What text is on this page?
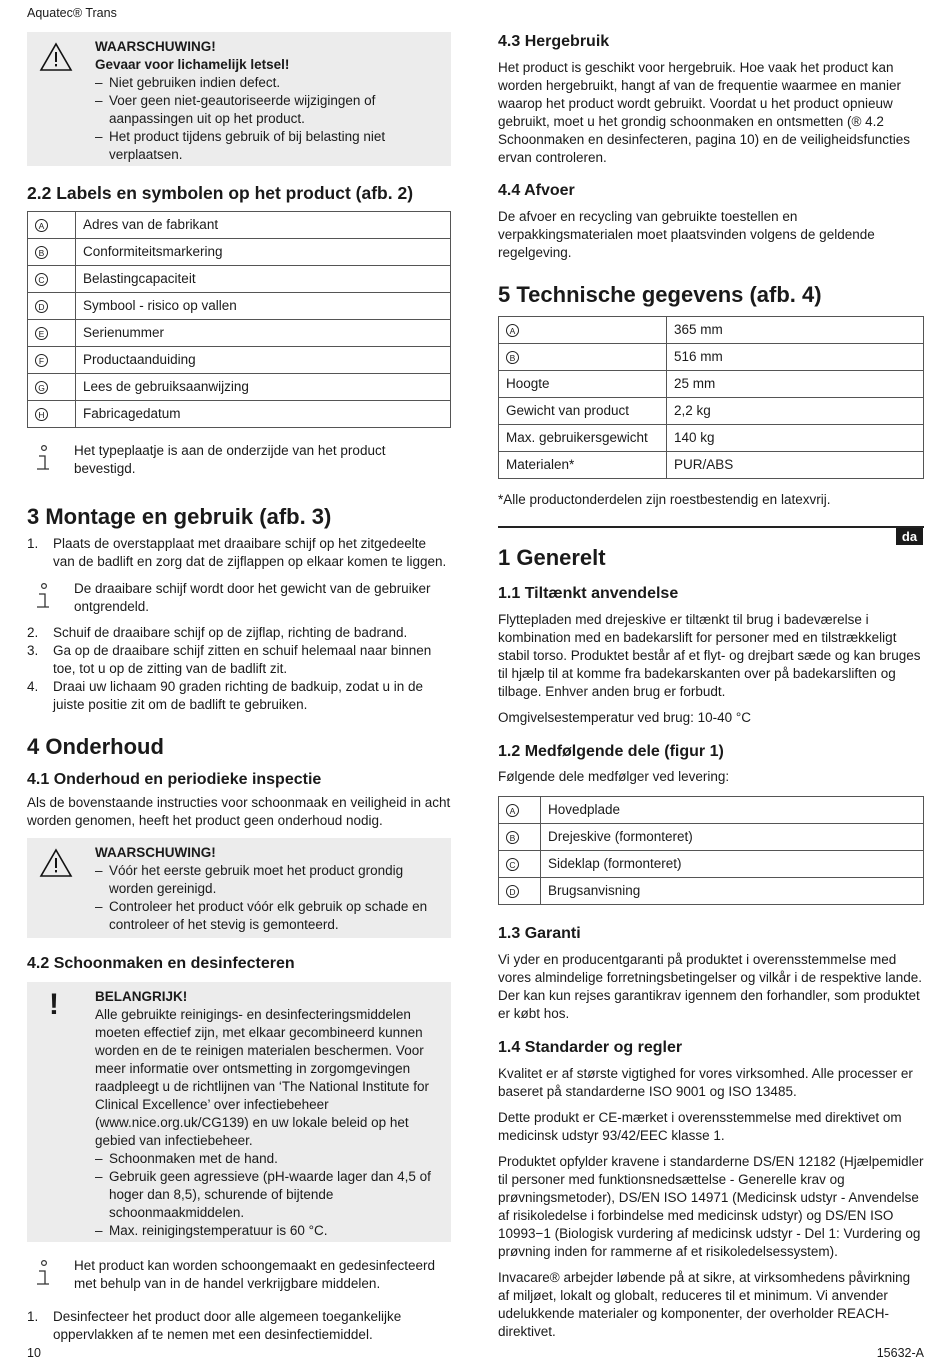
Aquatec® Trans
10	15632-A
WAARSCHUWING!
Gevaar voor lichamelijk letsel!
– Niet gebruiken indien defect.
– Voer geen niet-geautoriseerde wijzigingen of aanpassingen uit op het product.
– Het product tijdens gebruik of bij belasting niet verplaatsen.
2.2 Labels en symbolen op het product (afb. 2)
A	Adres van de fabrikant
B	Conformiteitsmarkering
C	Belastingcapaciteit
D	Symbool - risico op vallen
E	Serienummer
F	Productaanduiding
G	Lees de gebruiksaanwijzing
H	Fabricagedatum
Het typeplaatje is aan de onderzijde van het product bevestigd.
3 Montage en gebruik (afb. 3)
1. Plaats de overstapplaat met draaibare schijf op het zitgedeelte van de badlift en zorg dat de zijflappen op elkaar komen te liggen.
De draaibare schijf wordt door het gewicht van de gebruiker ontgrendeld.
2. Schuif de draaibare schijf op de zijflap, richting de badrand.
3. Ga op de draaibare schijf zitten en schuif helemaal naar binnen toe, tot u op de zitting van de badlift zit.
4. Draai uw lichaam 90 graden richting de badkuip, zodat u in de juiste positie zit om de badlift te gebruiken.
4 Onderhoud
4.1 Onderhoud en periodieke inspectie
Als de bovenstaande instructies voor schoonmaak en veiligheid in acht worden genomen, heeft het product geen onderhoud nodig.
WAARSCHUWING!
– Vóór het eerste gebruik moet het product grondig worden gereinigd.
– Controleer het product vóór elk gebruik op schade en controleer of het stevig is gemonteerd.
4.2 Schoonmaken en desinfecteren
!	BELANGRIJK!
Alle gebruikte reinigings- en desinfecteringsmiddelen moeten effectief zijn, met elkaar gecombineerd kunnen worden en de te reinigen materialen beschermen. Voor meer informatie over ontsmetting in zorgomgevingen raadpleegt u de richtlijnen van ‘The National Institute for Clinical Excellence’ over infectiebeheer (www.nice.org.uk/CG139) en uw lokale beleid op het gebied van infectiebeheer.
– Schoonmaken met de hand.
– Gebruik geen agressieve (pH-waarde lager dan 4,5 of hoger dan 8,5), schurende of bijtende schoonmaakmiddelen.
– Max. reinigingstemperatuur is 60 °C.
Het product kan worden schoongemaakt en gedesinfecteerd met behulp van in de handel verkrijgbare middelen.
1. Desinfecteer het product door alle algemeen toegankelijke oppervlakken af te nemen met een desinfectiemiddel.
4.3 Hergebruik
Het product is geschikt voor hergebruik. Hoe vaak het product kan worden hergebruikt, hangt af van de frequentie waarmee en manier waarop het product wordt gebruikt. Voordat u het product opnieuw gebruikt, moet u het grondig schoonmaken en ontsmetten (® 4.2 Schoonmaken en desinfecteren, pagina 10) en de veiligheidsfuncties ervan controleren.
4.4 Afvoer
De afvoer en recycling van gebruikte toestellen en verpakkingsmaterialen moet plaatsvinden volgens de geldende regelgeving.
5 Technische gegevens (afb. 4)
A	365 mm
B	516 mm
Hoogte	25 mm
Gewicht van product	2,2 kg
Max. gebruikersgewicht	140 kg
Materialen*	PUR/ABS
*Alle productonderdelen zijn roestbestendig en latexvrij.
da
1 Generelt
1.1 Tiltænkt anvendelse
Flyttepladen med drejeskive er tiltænkt til brug i badeværelse i kombination med en badekarslift for personer med en tilstrækkeligt stabil torso. Produktet består af et flyt- og drejbart sæde og kan bruges til hjælp til at komme fra badekarskanten over på badekarsliften og tilbage. Enhver anden brug er forbudt.
Omgivelsestemperatur ved brug: 10-40 °C
1.2 Medfølgende dele (figur 1)
Følgende dele medfølger ved levering:
A	Hovedplade
B	Drejeskive (formonteret)
C	Sideklap (formonteret)
D	Brugsanvisning
1.3 Garanti
Vi yder en producentgaranti på produktet i overensstemmelse med vores almindelige forretningsbetingelser og vilkår i de respektive lande. Der kan kun rejses garantikrav igennem den forhandler, som produktet er købt hos.
1.4 Standarder og regler
Kvalitet er af største vigtighed for vores virksomhed. Alle processer er baseret på standarderne ISO 9001 og ISO 13485.
Dette produkt er CE-mærket i overensstemmelse med direktivet om medicinsk udstyr 93/42/EEC klasse 1.
Produktet opfylder kravene i standarderne DS/EN 12182 (Hjælpemidler til personer med funktionsnedsættelse - Generelle krav og prøvningsmetoder), DS/EN ISO 14971 (Medicinsk udstyr - Anvendelse af risikoledelse i forbindelse med medicinsk udstyr) og DS/EN ISO 10993−1 (Biologisk vurdering af medicinsk udstyr - Del 1: Vurdering og prøvning inden for rammerne af et risikoledelsessystem).
Invacare® arbejder løbende på at sikre, at virksomhedens påvirkning af miljøet, lokalt og globalt, reduceres til et minimum. Vi anvender udelukkende materialer og komponenter, der overholder REACH-direktivet.
